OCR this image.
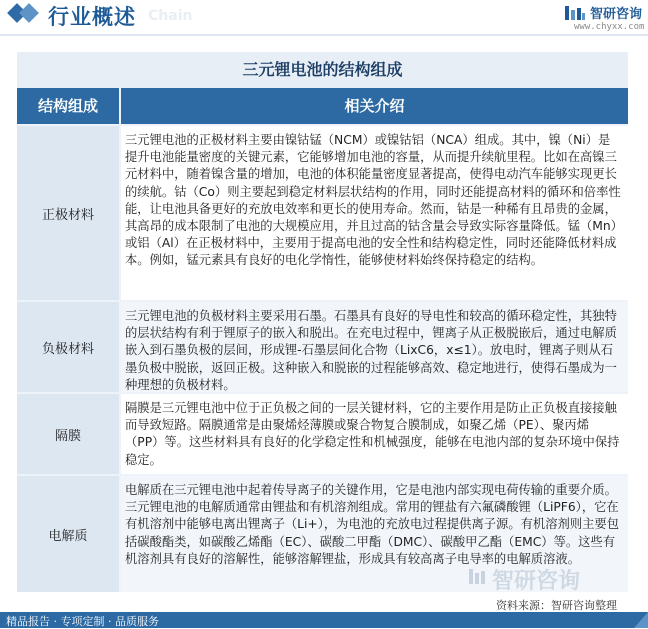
行业概述 Chain	智研咨询
www.chyxx.com
三元锂电池的结构组成
结构组成	相关介绍
正极材料
三元锂电池的正极材料主要由镍钴锰（NCM）或镍钴铝（NCA）组成。其中，镍（Ni）是提升电池能量密度的关键元素，它能够增加电池的容量，从而提升续航里程。比如在高镍三元材料中，随着镍含量的增加，电池的体积能量密度显著提高，使得电动汽车能够实现更长的续航。钴（Co）则主要起到稳定材料层状结构的作用，同时还能提高材料的循环和倍率性能，让电池具备更好的充放电效率和更长的使用寿命。然而，钴是一种稀有且昂贵的金属，其高昂的成本限制了电池的大规模应用，并且过高的钴含量会导致实际容量降低。锰（Mn）或铝（Al）在正极材料中，主要用于提高电池的安全性和结构稳定性，同时还能降低材料成本。例如，锰元素具有良好的电化学惰性，能够使材料始终保持稳定的结构。
负极材料
三元锂电池的负极材料主要采用石墨。石墨具有良好的导电性和较高的循环稳定性，其独特的层状结构有利于锂原子的嵌入和脱出。在充电过程中，锂离子从正极脱嵌后，通过电解质嵌入到石墨负极的层间，形成锂-石墨层间化合物（LixC6，x≤1）。放电时，锂离子则从石墨负极中脱嵌，返回正极。这种嵌入和脱嵌的过程能够高效、稳定地进行，使得石墨成为一种理想的负极材料。
隔膜
隔膜是三元锂电池中位于正负极之间的一层关键材料，它的主要作用是防止正负极直接接触而导致短路。隔膜通常是由聚烯烃薄膜或聚合物复合膜制成，如聚乙烯（PE）、聚丙烯（PP）等。这些材料具有良好的化学稳定性和机械强度，能够在电池内部的复杂环境中保持稳定。
电解质
电解质在三元锂电池中起着传导离子的关键作用，它是电池内部实现电荷传输的重要介质。三元锂电池的电解质通常由锂盐和有机溶剂组成。常用的锂盐有六氟磷酸锂（LiPF6），它在有机溶剂中能够电离出锂离子（Li+），为电池的充放电过程提供离子源。有机溶剂则主要包括碳酸酯类，如碳酸乙烯酯（EC）、碳酸二甲酯（DMC）、碳酸甲乙酯（EMC）等。这些有机溶剂具有良好的溶解性，能够溶解锂盐，形成具有较高离子电导率的电解质溶液。
智研咨询
资料来源：智研咨询整理
精品报告 · 专项定制 · 品质服务
